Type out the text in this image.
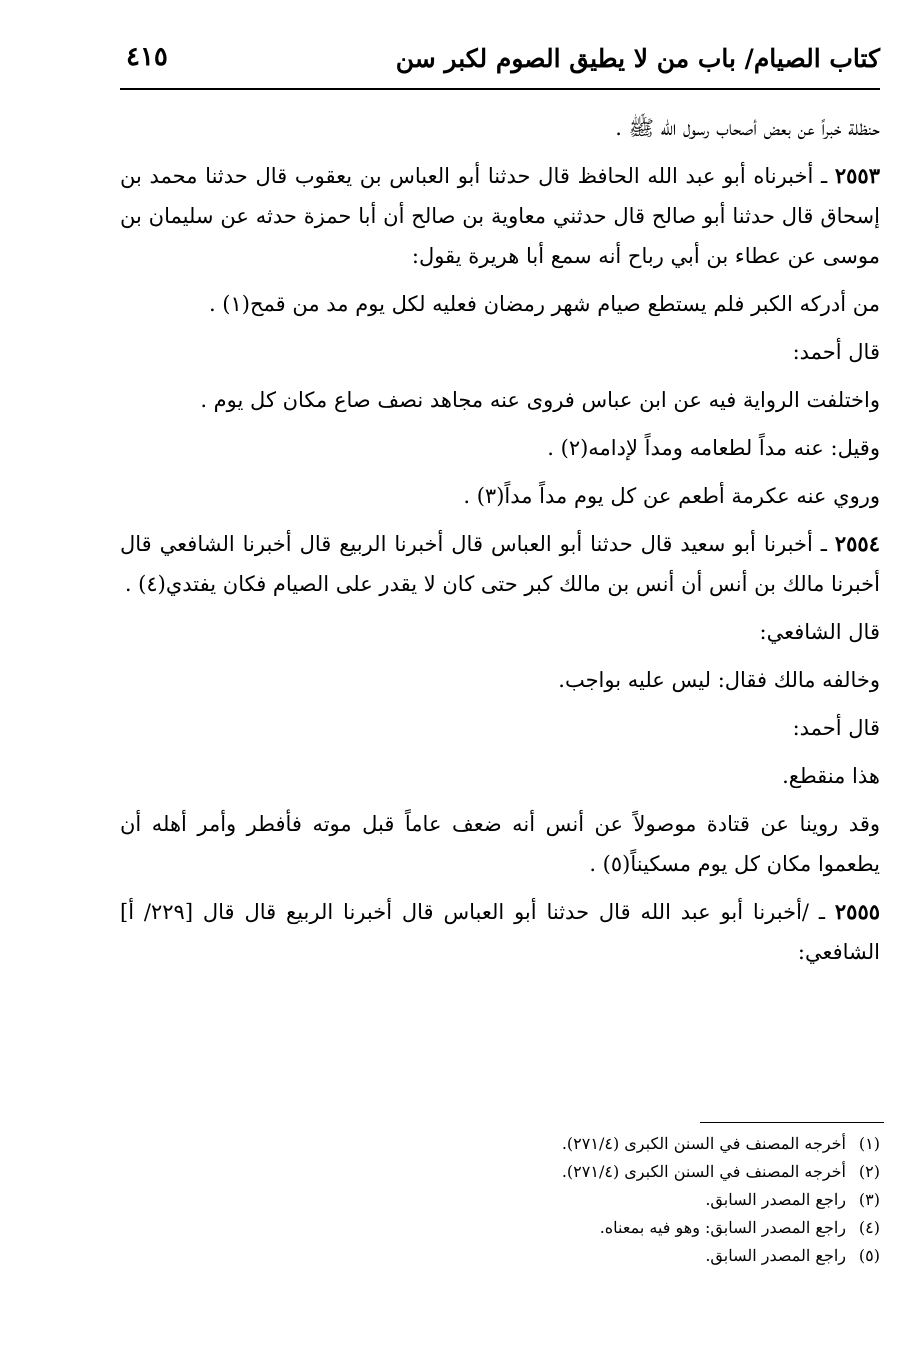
كتاب الصيام/ باب من لا يطيق الصوم لكبر سن
٤١٥

حنظلة خبراً عن بعض أصحاب رسول الله ﷺ .

٢٥٥٣ ـ أخبرناه أبو عبد الله الحافظ قال حدثنا أبو العباس بن يعقوب قال حدثنا محمد بن إسحاق قال حدثنا أبو صالح قال حدثني معاوية بن صالح أن أبا حمزة حدثه عن سليمان بن موسى عن عطاء بن أبي رباح أنه سمع أبا هريرة يقول:

من أدركه الكبر فلم يستطع صيام شهر رمضان فعليه لكل يوم مد من قمح(١) .

قال أحمد:

واختلفت الرواية فيه عن ابن عباس فروى عنه مجاهد نصف صاع مكان كل يوم .

وقيل: عنه مداً لطعامه ومداً لإدامه(٢) .

وروي عنه عكرمة أطعم عن كل يوم مداً مداً(٣) .

٢٥٥٤ ـ أخبرنا أبو سعيد قال حدثنا أبو العباس قال أخبرنا الربيع قال أخبرنا الشافعي قال أخبرنا مالك بن أنس أن أنس بن مالك كبر حتى كان لا يقدر على الصيام فكان يفتدي(٤) .

قال الشافعي:

وخالفه مالك فقال: ليس عليه بواجب.

قال أحمد:

هذا منقطع.

وقد روينا عن قتادة موصولاً عن أنس أنه ضعف عاماً قبل موته فأفطر وأمر أهله أن يطعموا مكان كل يوم مسكيناً(٥) .

٢٥٥٥ ـ /أخبرنا أبو عبد الله قال حدثنا أبو العباس قال أخبرنا الربيع قال قال [٢٢٩/ أ] الشافعي:

(١)أخرجه المصنف في السنن الكبرى (٢٧١/٤).
(٢)أخرجه المصنف في السنن الكبرى (٢٧١/٤).
(٣)راجع المصدر السابق.
(٤)راجع المصدر السابق: وهو فيه بمعناه.
(٥)راجع المصدر السابق.
